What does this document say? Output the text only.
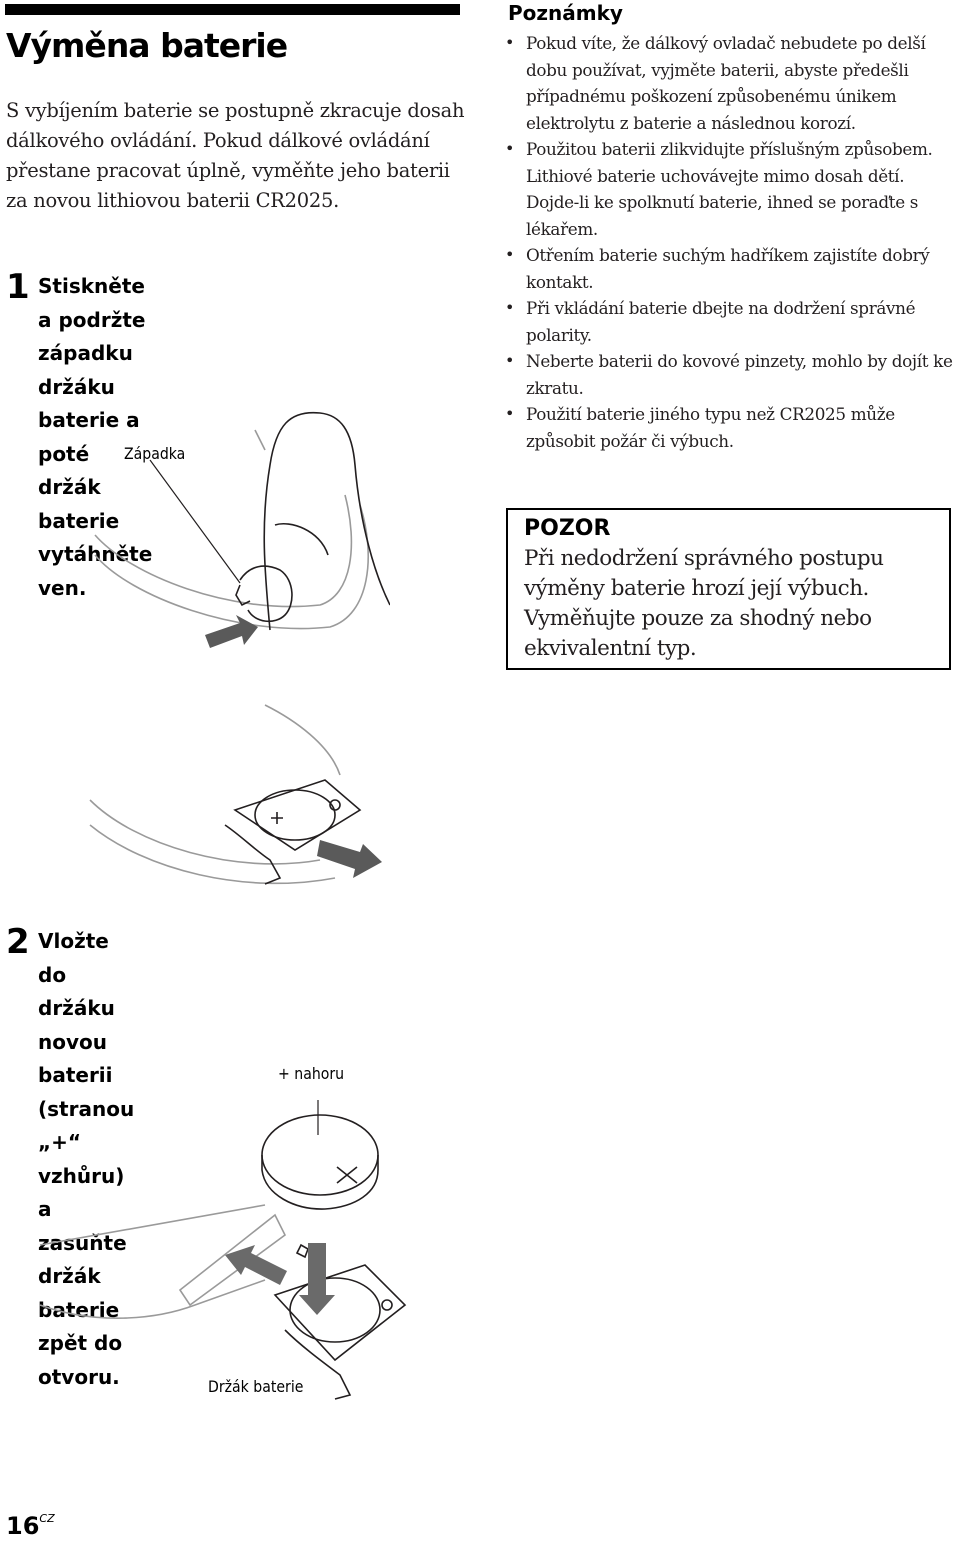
Výměna baterie

S vybíjením baterie se postupně zkracuje dosah dálkového ovládání. Pokud dálkové ovládání přestane pracovat úplně, vyměňte jeho baterii za novou lithiovou baterii CR2025.

1 Stiskněte a podržte západku držáku
baterie a poté držák baterie
vytáhněte ven.

Západka
2 Vložte do držáku novou baterii
(stranou „+“ vzhůru) a zasuňte
držák baterie zpět do otvoru.

+ nahoru
Držák baterie
Poznámky
• Pokud víte, že dálkový ovladač nebudete po delší dobu používat, vyjměte baterii, abyste předešli případnému poškození způsobenému únikem elektrolytu z baterie a následnou korozí.
• Použitou baterii zlikvidujte příslušným způsobem. Lithiové baterie uchovávejte mimo dosah dětí. Dojde-li ke spolknutí baterie, ihned se poraďte s lékařem.
• Otřením baterie suchým hadříkem zajistíte dobrý kontakt.
• Při vkládání baterie dbejte na dodržení správné polarity.
• Neberte baterii do kovové pinzety, mohlo by dojít ke zkratu.
• Použití baterie jiného typu než CR2025 může způsobit požár či výbuch.
POZOR

Při nedodržení správného postupu výměny baterie hrozí její výbuch. Vyměňujte pouze za shodný nebo ekvivalentní typ.

$16^{CZ}$
